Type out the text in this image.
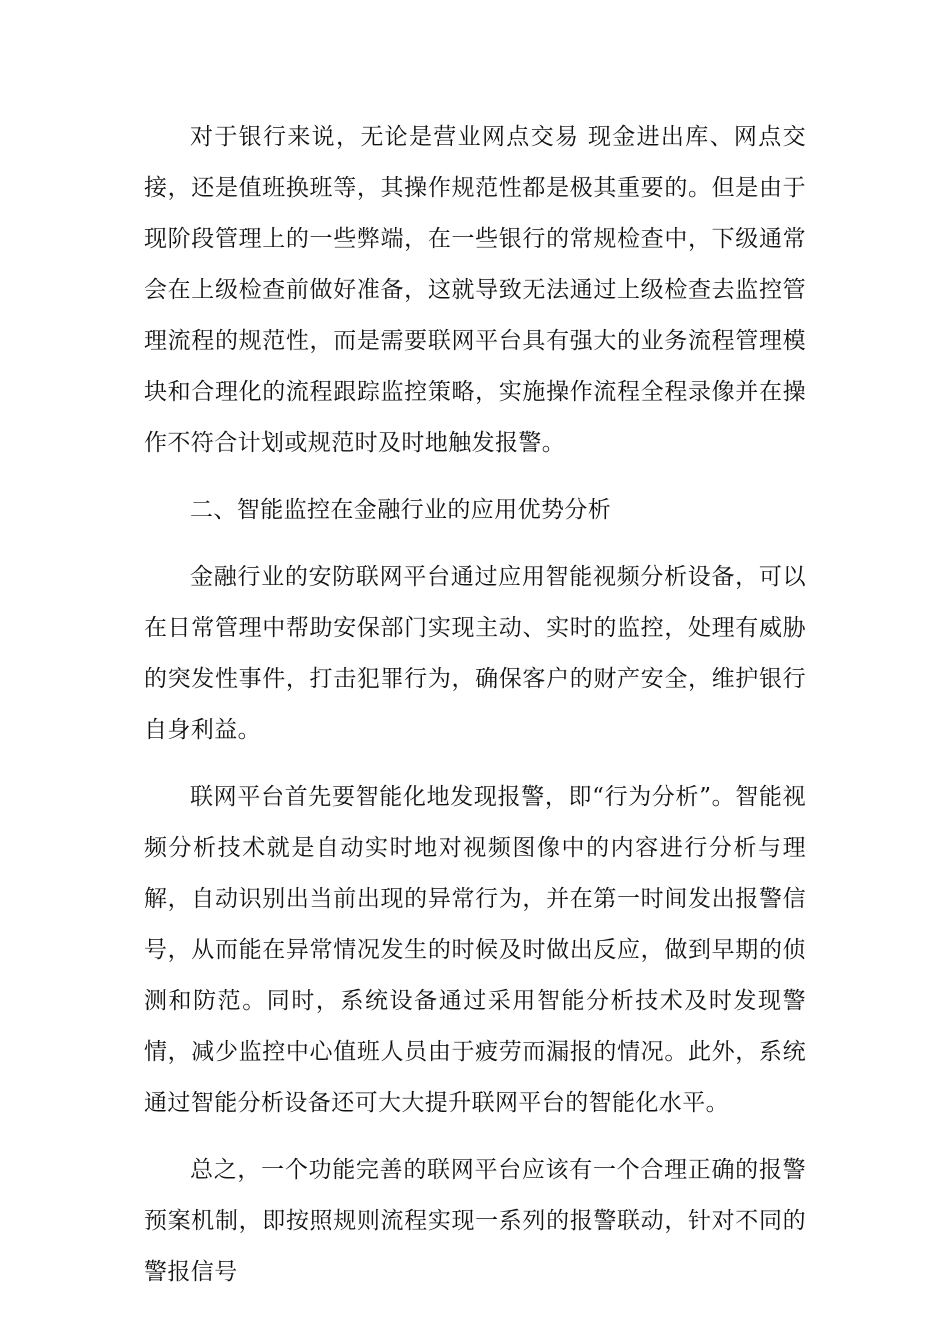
对于银行来说，无论是营业网点交易 现金进出库、网点交接，还是值班换班等，其操作规范性都是极其重要的。但是由于现阶段管理上的一些弊端，在一些银行的常规检查中，下级通常会在上级检查前做好准备，这就导致无法通过上级检查去监控管理流程的规范性，而是需要联网平台具有强大的业务流程管理模块和合理化的流程跟踪监控策略，实施操作流程全程录像并在操作不符合计划或规范时及时地触发报警。

二、智能监控在金融行业的应用优势分析

金融行业的安防联网平台通过应用智能视频分析设备，可以在日常管理中帮助安保部门实现主动、实时的监控，处理有威胁的突发性事件，打击犯罪行为，确保客户的财产安全，维护银行自身利益。

联网平台首先要智能化地发现报警，即“行为分析”。智能视频分析技术就是自动实时地对视频图像中的内容进行分析与理解，自动识别出当前出现的异常行为，并在第一时间发出报警信号，从而能在异常情况发生的时候及时做出反应，做到早期的侦测和防范。同时，系统设备通过采用智能分析技术及时发现警情，减少监控中心值班人员由于疲劳而漏报的情况。此外，系统通过智能分析设备还可大大提升联网平台的智能化水平。

总之，一个功能完善的联网平台应该有一个合理正确的报警预案机制，即按照规则流程实现一系列的报警联动，针对不同的警报信号
